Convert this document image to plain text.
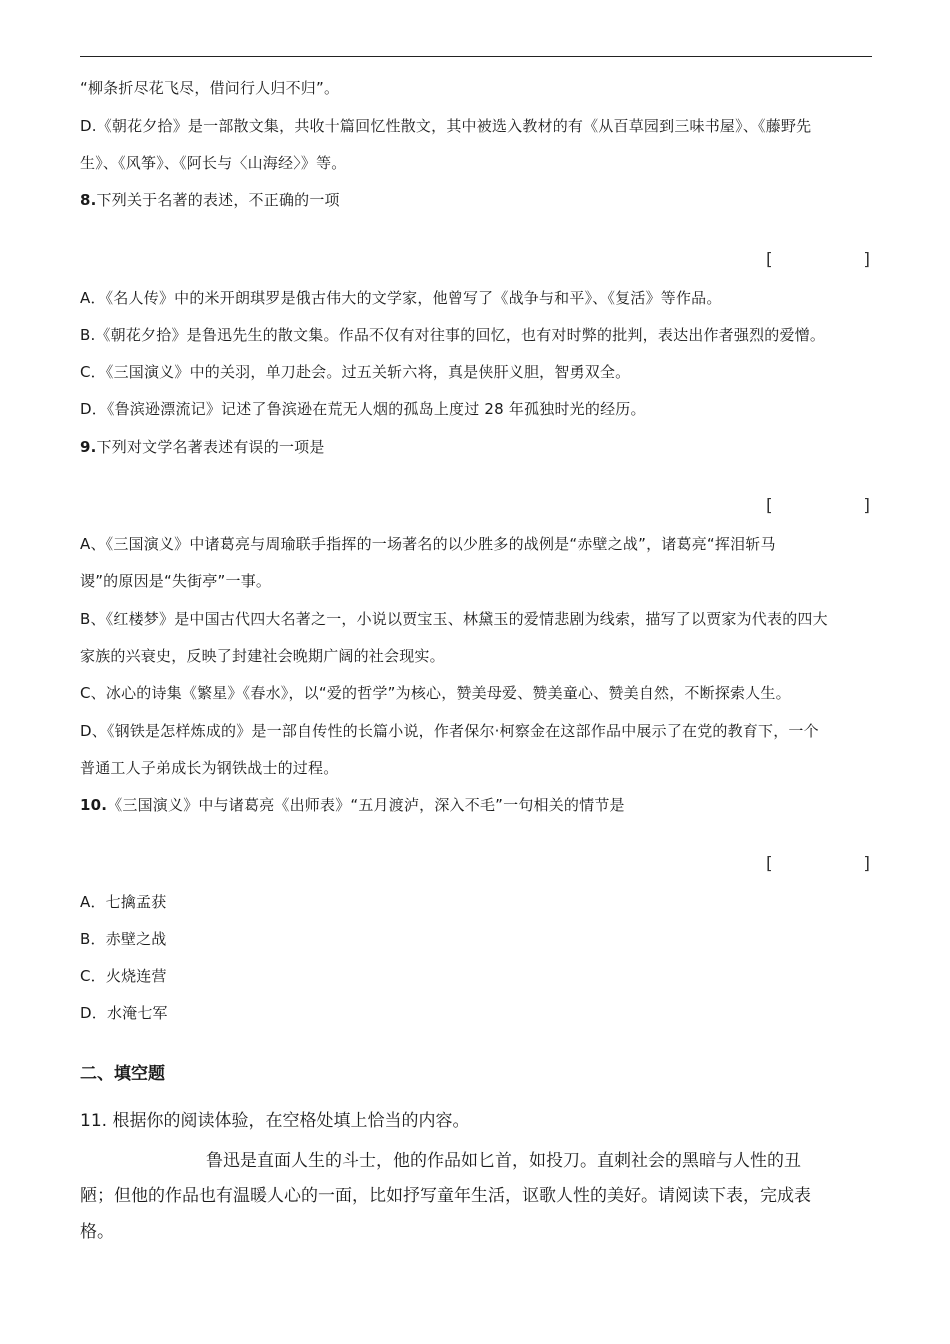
“柳条折尽花飞尽，借问行人归不归”。
D.《朝花夕拾》是一部散文集，共收十篇回忆性散文，其中被选入教材的有《从百草园到三味书屋》、《藤野先
生》、《风筝》、《阿长与〈山海经〉》等。
8.下列关于名著的表述，不正确的一项
[	]
A．《名人传》中的米开朗琪罗是俄古伟大的文学家，他曾写了《战争与和平》、《复活》等作品。
B.《朝花夕拾》是鲁迅先生的散文集。作品不仅有对往事的回忆，也有对时弊的批判，表达出作者强烈的爱憎。
C．《三国演义》中的关羽，单刀赴会。过五关斩六将，真是侠肝义胆，智勇双全。
D．《鲁滨逊漂流记》记述了鲁滨逊在荒无人烟的孤岛上度过 28 年孤独时光的经历。
9.下列对文学名著表述有误的一项是
[	]
A、《三国演义》中诸葛亮与周瑜联手指挥的一场著名的以少胜多的战例是“赤壁之战”，诸葛亮“挥泪斩马
谡”的原因是“失街亭”一事。
B、《红楼梦》是中国古代四大名著之一，小说以贾宝玉、林黛玉的爱情悲剧为线索，描写了以贾家为代表的四大
家族的兴衰史，反映了封建社会晚期广阔的社会现实。
C、冰心的诗集《繁星》《春水》，以“爱的哲学”为核心，赞美母爱、赞美童心、赞美自然，不断探索人生。
D、《钢铁是怎样炼成的》是一部自传性的长篇小说，作者保尔·柯察金在这部作品中展示了在党的教育下，一个
普通工人子弟成长为钢铁战士的过程。
10.《三国演义》中与诸葛亮《出师表》“五月渡泸，深入不毛”一句相关的情节是
[	]
A．七擒孟获
B．赤壁之战
C．火烧连营
D．水淹七军
二、填空题
11. 根据你的阅读体验，在空格处填上恰当的内容。
鲁迅是直面人生的斗士，他的作品如匕首，如投刀。直刺社会的黑暗与人性的丑
陋；但他的作品也有温暖人心的一面，比如抒写童年生活，讴歌人性的美好。请阅读下表，完成表
格。
